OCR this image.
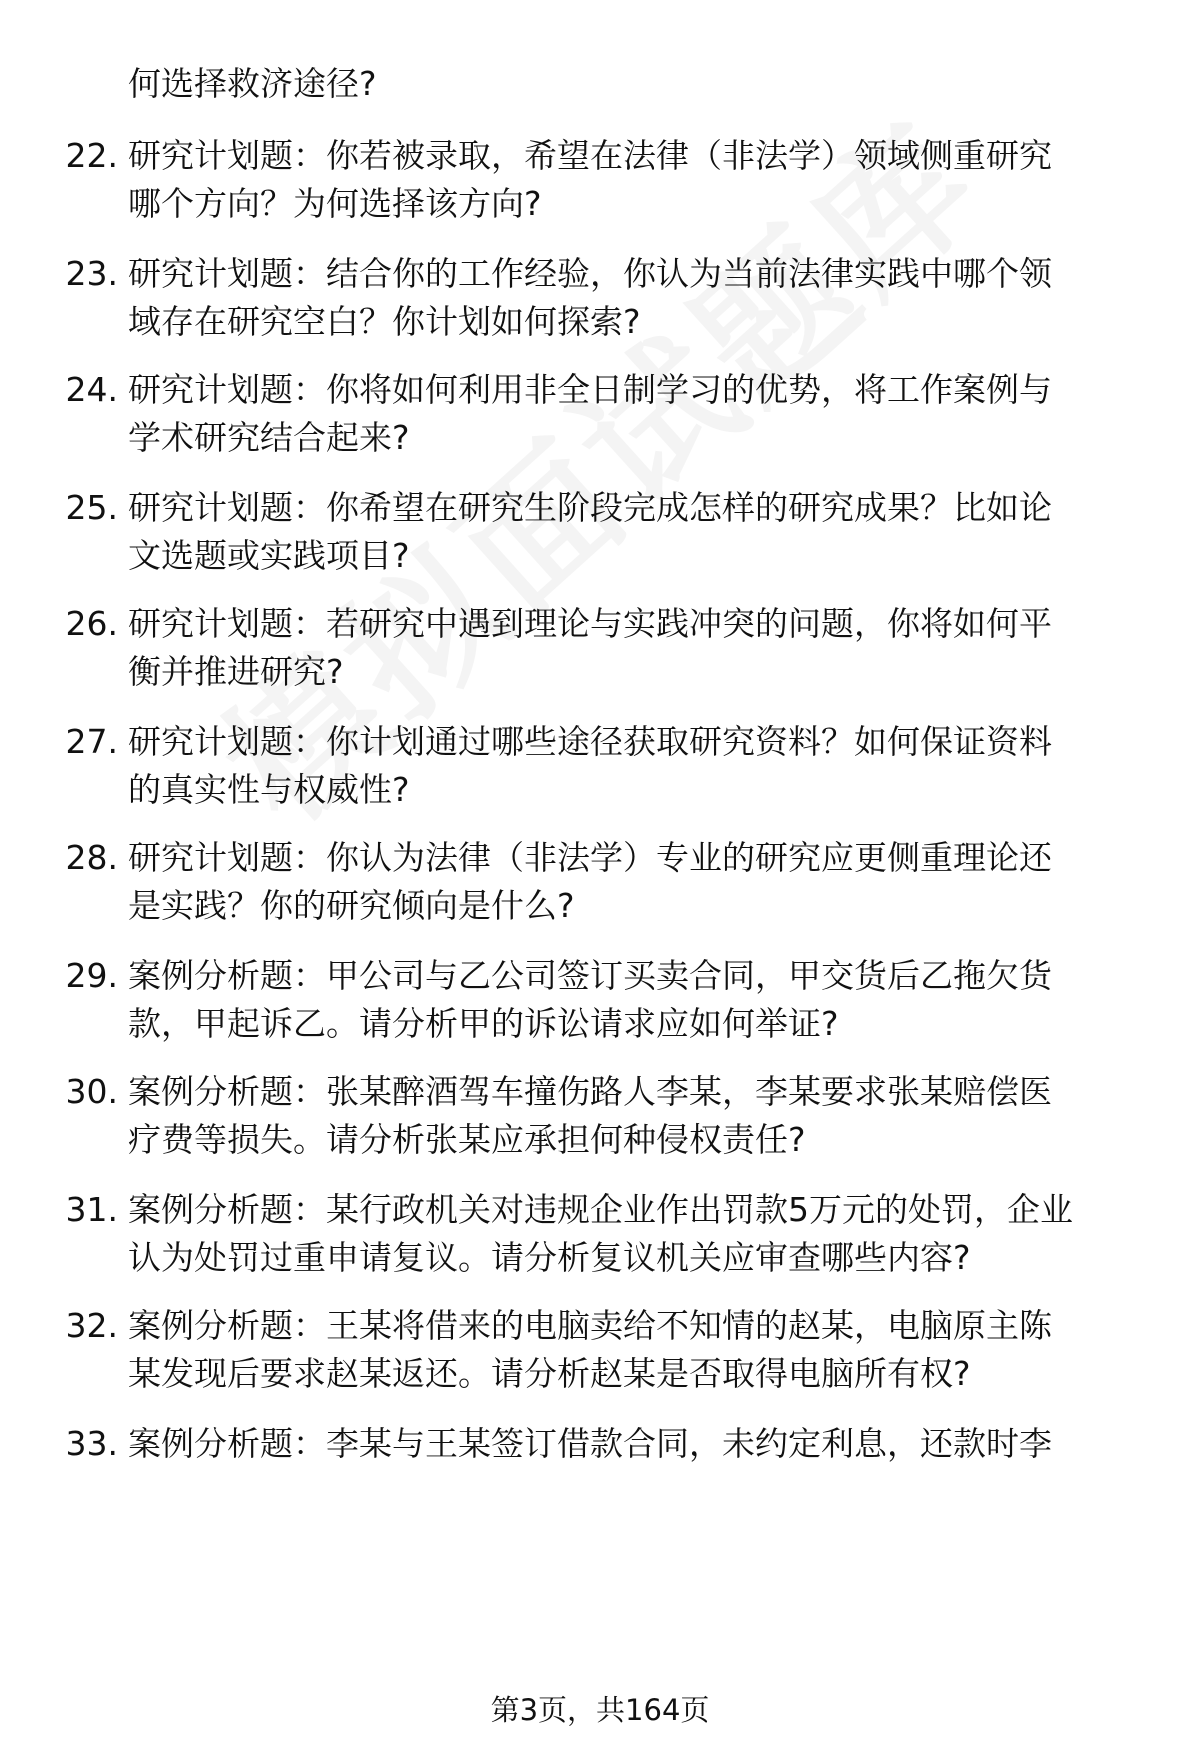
何选择救济途径?

22. 研究计划题：你若被录取，希望在法律（非法学）领域侧重研究
哪个方向？为何选择该方向?

23. 研究计划题：结合你的工作经验，你认为当前法律实践中哪个领
域存在研究空白？你计划如何探索?

24. 研究计划题：你将如何利用非全日制学习的优势，将工作案例与
学术研究结合起来?

25. 研究计划题：你希望在研究生阶段完成怎样的研究成果？比如论
文选题或实践项目?

26. 研究计划题：若研究中遇到理论与实践冲突的问题，你将如何平
衡并推进研究?

27. 研究计划题：你计划通过哪些途径获取研究资料？如何保证资料
的真实性与权威性?

28. 研究计划题：你认为法律（非法学）专业的研究应更侧重理论还
是实践？你的研究倾向是什么?

29. 案例分析题：甲公司与乙公司签订买卖合同，甲交货后乙拖欠货
款，甲起诉乙。请分析甲的诉讼请求应如何举证?

30. 案例分析题：张某醉酒驾车撞伤路人李某，李某要求张某赔偿医
疗费等损失。请分析张某应承担何种侵权责任?

31. 案例分析题：某行政机关对违规企业作出罚款5万元的处罚，企业
认为处罚过重申请复议。请分析复议机关应审查哪些内容?

32. 案例分析题：王某将借来的电脑卖给不知情的赵某，电脑原主陈
某发现后要求赵某返还。请分析赵某是否取得电脑所有权?

33. 案例分析题：李某与王某签订借款合同，未约定利息，还款时李

第3页，共164页
